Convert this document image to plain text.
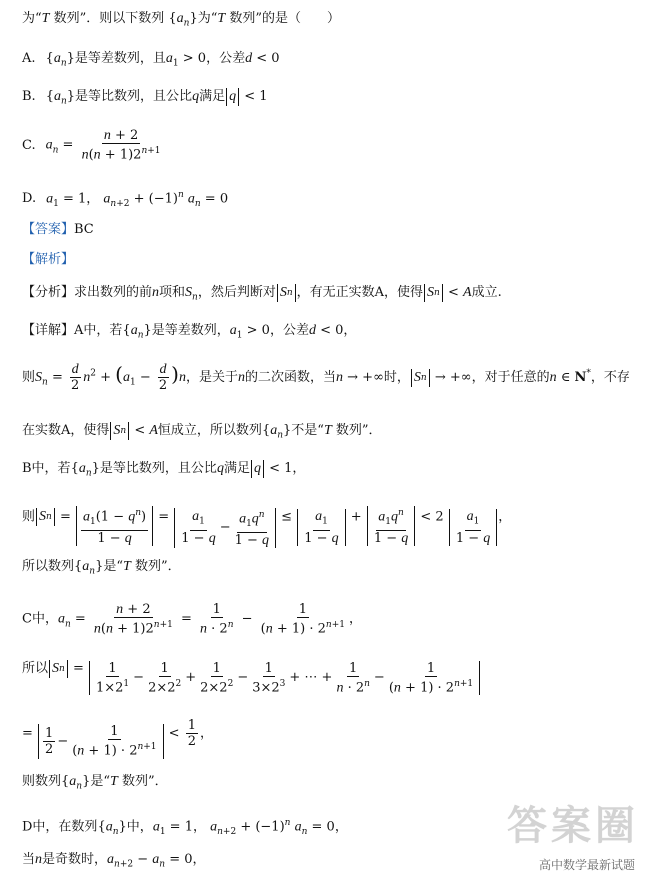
为“T 数列”．则以下数列 $\{a_n\}$为“T 数列”的是（　　）
A. $\{a_n\}$是等差数列，且$a_1 > 0$，公差d < 0
B. $\{a_n\}$是等比数列，且公比q满足 q < 1
C. $a_n = \frac{n + 2}{n(n + 1)2^{n+1}}$
D. $a_1 = 1$， $a_{n+2} + (-1)^n$ $a_n = 0$
【答案】BC
【解析】
【分析】求出数列的前n项和$S_n$，然后判断对 S n ，有无正实数A，使得 S n < A成立.
【详解】A中，若$\{a_n\}$是等差数列，$a_1 > 0$，公差d < 0，
则$S_n = \frac{d}{2} n^2 + (a_1 - \frac{d}{2} )n$，是关于n的二次函数，当n → +∞时， S n → +∞，对于任意的n ∈ N*，不存
在实数A，使得 S n < A恒成立，所以数列$\{a_n\}$不是“T 数列”．
B中，若$\{a_n\}$是等比数列，且公比q满足 q < 1，
则 S $n = \frac{a_1(1 - q^n)}{1 - q} = \frac{a_1}{1 - q} - \frac{a_1q^n}{1 - q} \le \frac{a_1}{1 - q} + \frac{a_1q^n}{1 - q} < 2 \frac{a_1}{1 - q}$ ，
所以数列$\{a_n\}$是“T 数列”．
C中，$a_n = \frac{n + 2}{n(n + 1)2^{n+1}} = \frac{1}{n \cdot 2^n} - \frac{1}{(n + 1) \cdot 2^{n+1}}$ ，
所以 S $n = \frac{1}{1\times 2^1} - \frac{1}{2\times 2^2} + \frac{1}{2\times 2^2} - \frac{1}{3\times 2^3}$ + ⋯ + $\frac{1}{n \cdot 2^n} - \frac{1}{(n + 1) \cdot 2^{n+1}}$
= $\frac{1}{2} - \frac{1}{(n + 1) \cdot 2^{n+1}} < \frac{1}{2}$ ，
则数列$\{a_n\}$是“T 数列”．
D中，在数列$\{a_n\}$中，$a_1 = 1$， $a_{n+2} + (-1)^n$ $a_n = 0$，
当n是奇数时，$a_{n+2} - a_n = 0$，
答案圈
高中数学最新试题
